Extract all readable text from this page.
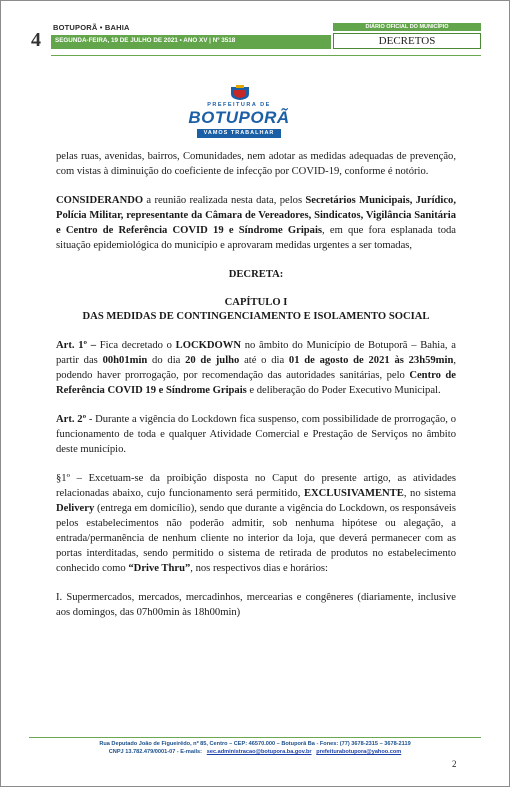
4
BOTUPORÃ • BAHIA
SEGUNDA-FEIRA, 19 DE JULHO DE 2021 • ANO XV | Nº 3518
DIÁRIO OFICIAL DO MUNICÍPIO
DECRETOS
PREFEITURA DE
BOTUPORÃ
VAMOS TRABALHAR

pelas ruas, avenidas, bairros, Comunidades, nem adotar as medidas adequadas de prevenção, com vistas à diminuição do coeficiente de infecção por COVID-19, conforme é notório.

CONSIDERANDO a reunião realizada nesta data, pelos Secretários Municipais, Jurídico, Polícia Militar, representante da Câmara de Vereadores, Sindicatos, Vigilância Sanitária e Centro de Referência COVID 19 e Síndrome Gripais, em que fora esplanada toda situação epidemiológica do município e aprovaram medidas urgentes a ser tomadas,

DECRETA:

CAPÍTULO I
DAS MEDIDAS DE CONTINGENCIAMENTO E ISOLAMENTO SOCIAL

Art. 1º – Fica decretado o LOCKDOWN no âmbito do Município de Botuporã – Bahia, a partir das 00h01min do dia 20 de julho até o dia 01 de agosto de 2021 às 23h59min, podendo haver prorrogação, por recomendação das autoridades sanitárias, pelo Centro de Referência COVID 19 e Síndrome Gripais e deliberação do Poder Executivo Municipal.

Art. 2º - Durante a vigência do Lockdown fica suspenso, com possibilidade de prorrogação, o funcionamento de toda e qualquer Atividade Comercial e Prestação de Serviços no âmbito deste município.

§1º – Excetuam-se da proibição disposta no Caput do presente artigo, as atividades relacionadas abaixo, cujo funcionamento será permitido, EXCLUSIVAMENTE, no sistema Delivery (entrega em domicílio), sendo que durante a vigência do Lockdown, os responsáveis pelos estabelecimentos não poderão admitir, sob nenhuma hipótese ou alegação, a entrada/permanência de nenhum cliente no interior da loja, que deverá permanecer com as portas interditadas, sendo permitido o sistema de retirada de produtos no estabelecimento conhecido como “Drive Thru”, nos respectivos dias e horários:

I. Supermercados, mercados, mercadinhos, mercearias e congêneres (diariamente, inclusive aos domingos, das 07h00min às 18h00min)

Rua Deputado João de Figueirêdo, nº 85, Centro – CEP: 46570.000 – Botuporã Ba - Fones: (77) 3678-2315 – 3678-2119
CNPJ 13.782.479/0001-07 - E-mails: sec.administracao@botupora.ba.gov.br prefeiturabotupora@yahoo.com
2
